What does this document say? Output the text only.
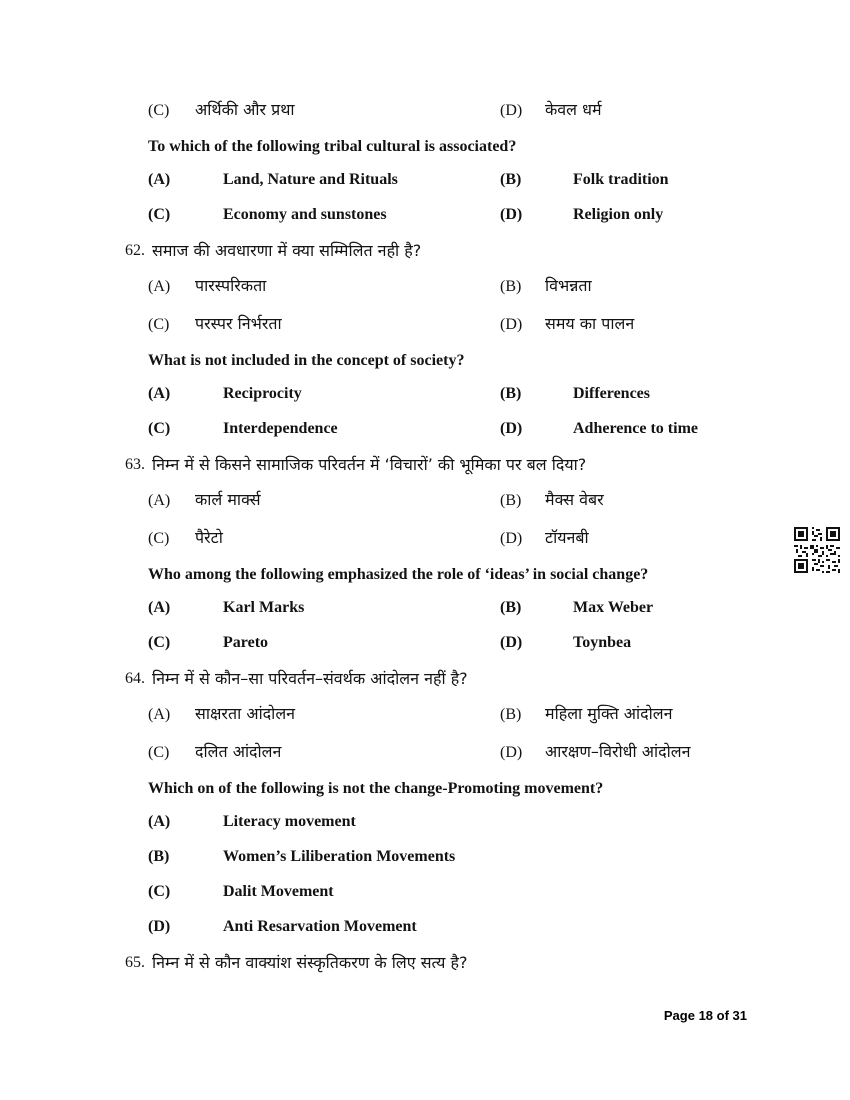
(C)	अर्थिकी और प्रथा	(D)	केवल धर्म
To which of the following tribal cultural is associated?
(A)	Land, Nature and Rituals	(B)	Folk tradition
(C)	Economy and sunstones	(D)	Religion only
62. समाज की अवधारणा में क्या सम्मिलित नही है?
(A)	पारस्परिकता	(B)	विभन्नता
(C)	परस्पर निर्भरता	(D)	समय का पालन
What is not included in the concept of society?
(A)	Reciprocity	(B)	Differences
(C)	Interdependence	(D)	Adherence to time
63. निम्न में से किसने सामाजिक परिवर्तन में ‘विचारों’ की भूमिका पर बल दिया?
(A)	कार्ल मार्क्स	(B)	मैक्स वेबर
(C)	पैरेटो	(D)	टॉयनबी
Who among the following emphasized the role of ‘ideas’ in social change?
(A)	Karl Marks	(B)	Max Weber
(C)	Pareto	(D)	Toynbea
64. निम्न में से कौन–सा परिवर्तन–संवर्थक आंदोलन नहीं है?
(A)	साक्षरता आंदोलन	(B)	महिला मुक्ति आंदोलन
(C)	दलित आंदोलन	(D)	आरक्षण–विरोधी आंदोलन
Which on of the following is not the change-Promoting movement?
(A)	Literacy movement
(B)	Women’s Liliberation Movements
(C)	Dalit Movement
(D)	Anti Resarvation Movement
65. निम्न में से कौन वाक्यांश संस्कृतिकरण के लिए सत्य है?
Page 18 of 31
